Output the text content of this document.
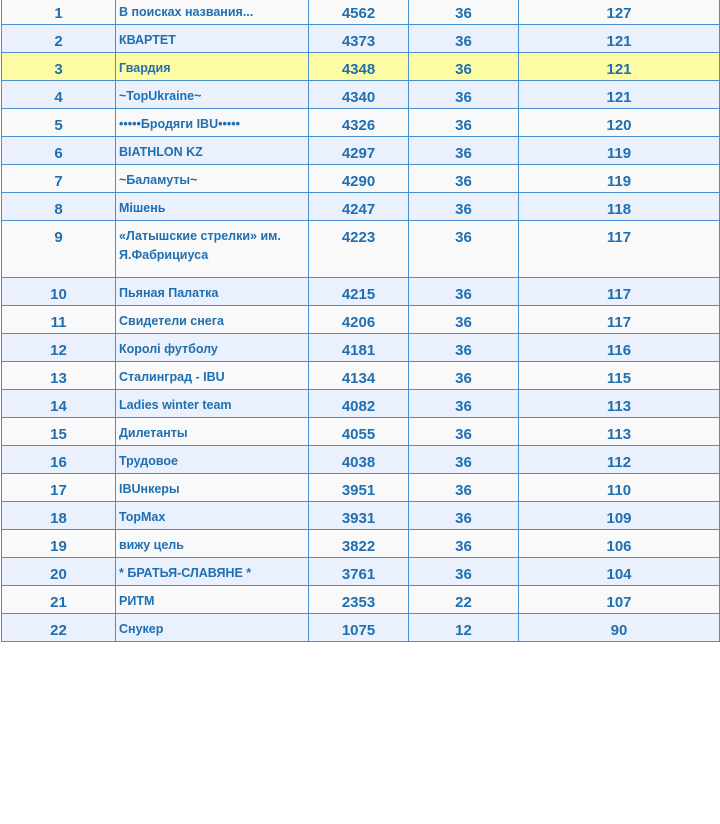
1	В поисках названия...	4562	36	127
2	КВАРТЕТ	4373	36	121
3	Гвардия	4348	36	121
4	~TopUkraine~	4340	36	121
5	•••••Бродяги IBU•••••	4326	36	120
6	BIATHLON KZ	4297	36	119
7	~Баламуты~	4290	36	119
8	Мішень	4247	36	118
9	«Латышские стрелки» им. Я.Фабрициуса	4223	36	117
10	Пьяная Палатка	4215	36	117
11	Свидетели снега	4206	36	117
12	Королі футболу	4181	36	116
13	Сталинград - IBU	4134	36	115
14	Ladies winter team	4082	36	113
15	Дилетанты	4055	36	113
16	Трудовое	4038	36	112
17	IBUнкеры	3951	36	110
18	TopMax	3931	36	109
19	вижу цель	3822	36	106
20	* БРАТЬЯ-СЛАВЯНЕ *	3761	36	104
21	РИТМ	2353	22	107
22	Снукер	1075	12	90
